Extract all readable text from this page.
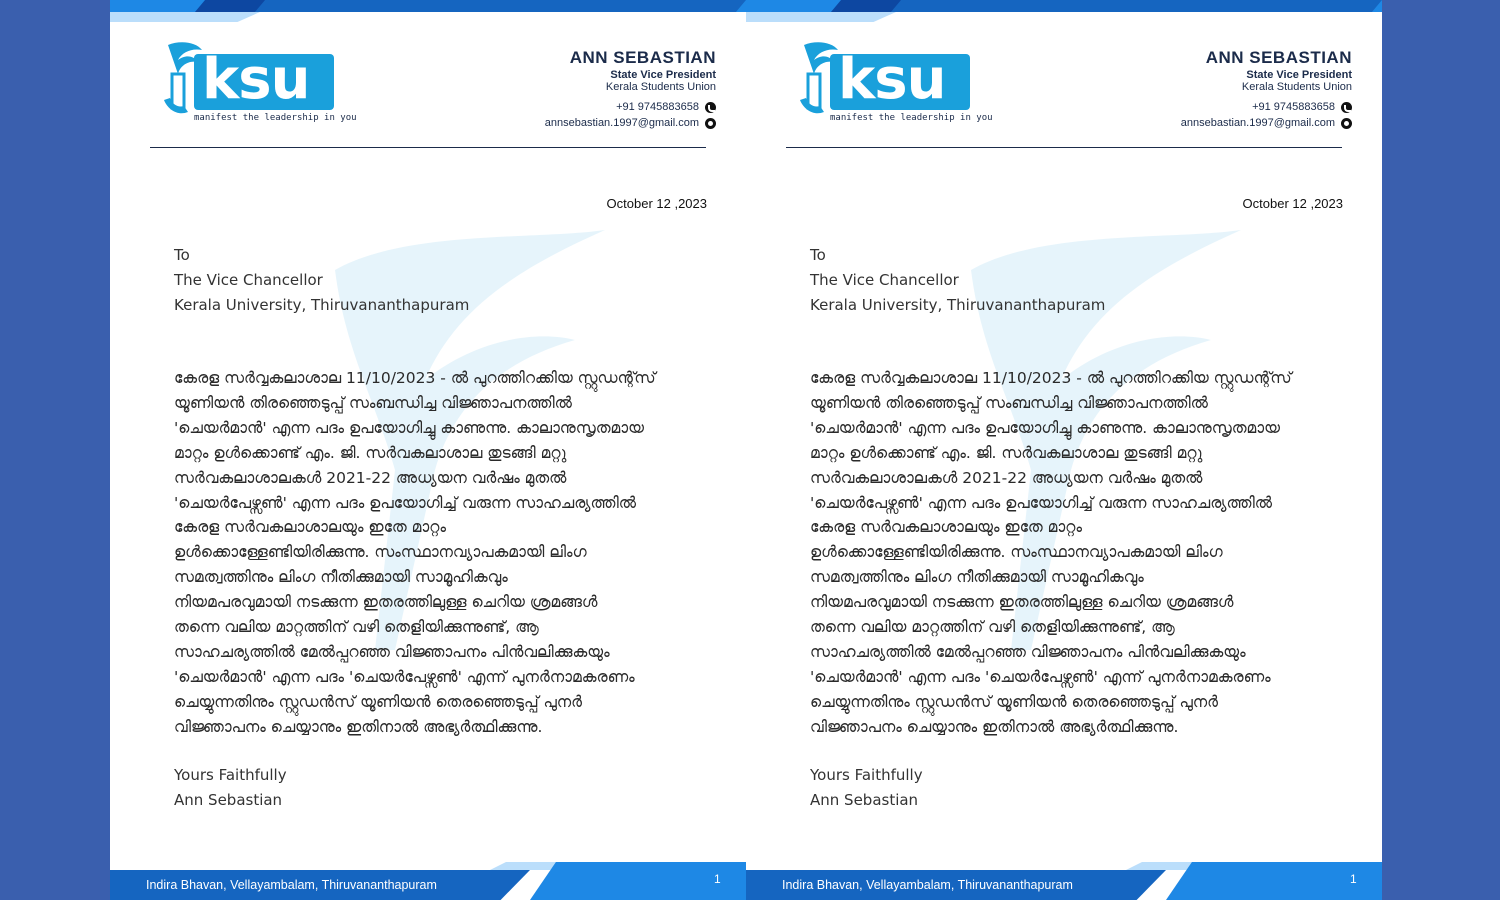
ksu
manifest the leadership in you
ANN SEBASTIAN
State Vice President
Kerala Students Union
+91 9745883658
annsebastian.1997@gmail.com
October 12 ,2023
To
The Vice Chancellor
Kerala University, Thiruvananthapuram
കേരള സർവ്വകലാശാല 11/10/2023 - ൽ പുറത്തിറക്കിയ സ്റ്റുഡന്റ്സ്
യൂണിയൻ തിരഞ്ഞെടുപ്പ് സംബന്ധിച്ച വിജ്ഞാപനത്തിൽ
'ചെയർമാൻ' എന്ന പദം ഉപയോഗിച്ചു കാണുന്നു. കാലാനുസൃതമായ
മാറ്റം ഉൾക്കൊണ്ട് എം. ജി. സർവകലാശാല തുടങ്ങി മറ്റു
സർവകലാശാലകൾ 2021-22 അധ്യയന വർഷം മുതൽ
'ചെയർപേഴ്സൺ' എന്ന പദം ഉപയോഗിച്ച് വരുന്ന സാഹചര്യത്തിൽ
കേരള സർവകലാശാലയും ഇതേ മാറ്റം
ഉൾക്കൊള്ളേണ്ടിയിരിക്കുന്നു. സംസ്ഥാനവ്യാപകമായി ലിംഗ
സമത്വത്തിനും ലിംഗ നീതിക്കുമായി സാമൂഹികവും
നിയമപരവുമായി നടക്കുന്ന ഇതരത്തിലുള്ള ചെറിയ ശ്രമങ്ങൾ
തന്നെ വലിയ മാറ്റത്തിന് വഴി തെളിയിക്കുന്നുണ്ട്, ആ
സാഹചര്യത്തിൽ മേൽപ്പറഞ്ഞ വിജ്ഞാപനം പിൻവലിക്കുകയും
'ചെയർമാൻ' എന്ന പദം 'ചെയർപേഴ്സൺ' എന്ന് പുനർനാമകരണം
ചെയ്യുന്നതിനും സ്റ്റുഡൻസ് യൂണിയൻ തെരഞ്ഞെടുപ്പ് പുനർ
വിജ്ഞാപനം ചെയ്യാനും ഇതിനാൽ അഭ്യർത്ഥിക്കുന്നു.
Yours Faithfully
Ann Sebastian
Indira Bhavan, Vellayambalam, Thiruvananthapuram	1
ksu
manifest the leadership in you
ANN SEBASTIAN
State Vice President
Kerala Students Union
+91 9745883658
annsebastian.1997@gmail.com
October 12 ,2023
To
The Vice Chancellor
Kerala University, Thiruvananthapuram
കേരള സർവ്വകലാശാല 11/10/2023 - ൽ പുറത്തിറക്കിയ സ്റ്റുഡന്റ്സ്
യൂണിയൻ തിരഞ്ഞെടുപ്പ് സംബന്ധിച്ച വിജ്ഞാപനത്തിൽ
'ചെയർമാൻ' എന്ന പദം ഉപയോഗിച്ചു കാണുന്നു. കാലാനുസൃതമായ
മാറ്റം ഉൾക്കൊണ്ട് എം. ജി. സർവകലാശാല തുടങ്ങി മറ്റു
സർവകലാശാലകൾ 2021-22 അധ്യയന വർഷം മുതൽ
'ചെയർപേഴ്സൺ' എന്ന പദം ഉപയോഗിച്ച് വരുന്ന സാഹചര്യത്തിൽ
കേരള സർവകലാശാലയും ഇതേ മാറ്റം
ഉൾക്കൊള്ളേണ്ടിയിരിക്കുന്നു. സംസ്ഥാനവ്യാപകമായി ലിംഗ
സമത്വത്തിനും ലിംഗ നീതിക്കുമായി സാമൂഹികവും
നിയമപരവുമായി നടക്കുന്ന ഇതരത്തിലുള്ള ചെറിയ ശ്രമങ്ങൾ
തന്നെ വലിയ മാറ്റത്തിന് വഴി തെളിയിക്കുന്നുണ്ട്, ആ
സാഹചര്യത്തിൽ മേൽപ്പറഞ്ഞ വിജ്ഞാപനം പിൻവലിക്കുകയും
'ചെയർമാൻ' എന്ന പദം 'ചെയർപേഴ്സൺ' എന്ന് പുനർനാമകരണം
ചെയ്യുന്നതിനും സ്റ്റുഡൻസ് യൂണിയൻ തെരഞ്ഞെടുപ്പ് പുനർ
വിജ്ഞാപനം ചെയ്യാനും ഇതിനാൽ അഭ്യർത്ഥിക്കുന്നു.
Yours Faithfully
Ann Sebastian
Indira Bhavan, Vellayambalam, Thiruvananthapuram	1
